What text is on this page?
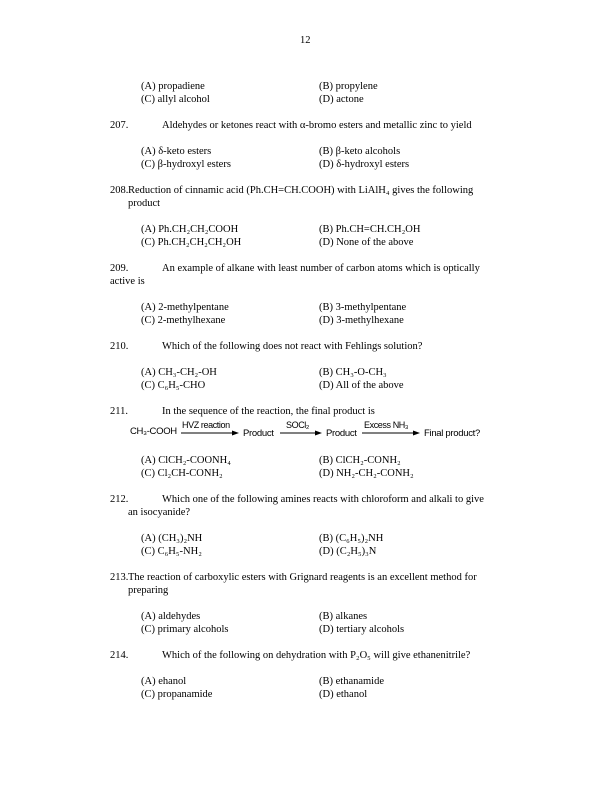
12
(A) propadiene	(B) propylene
(C) allyl alcohol	(D) actone
207.	Aldehydes or ketones react with α-bromo esters and metallic zinc to yield
(A) δ-keto esters	(B) β-keto alcohols
(C) β-hydroxyl esters	(D) δ-hydroxyl esters
208. Reduction of cinnamic acid (Ph.CH=CH.COOH) with LiAlH₄ gives the following
product
(A) Ph.CH₂CH₂COOH	(B) Ph.CH=CH.CH₂OH
(C) Ph.CH₂CH₂CH₂OH	(D) None of the above
209.	An example of alkane with least number of carbon atoms which is optically
active is
(A) 2-methylpentane	(B) 3-methylpentane
(C) 2-methylhexane	(D) 3-methylhexane
210.	Which of the following does not react with Fehlings solution?
(A) CH₃-CH₂-OH	(B) CH₃-O-CH₃
(C) C₆H₅-CHO	(D) All of the above
211.	In the sequence of the reaction, the final product is
CH₃-COOH
HVZ reaction
Product
SOCl₂
Product
Excess NH₃
Final product?
(A) ClCH₂-COONH₄	(B) ClCH₂-CONH₂
(C) Cl₂CH-CONH₂	(D) NH₂-CH₂-CONH₂
212.	Which one of the following amines reacts with chloroform and alkali to give
an isocyanide?
(A) (CH₃)₂NH	(B) (C₆H₅)₂NH
(C) C₆H₅-NH₂	(D) (C₂H₅)₃N
213. The reaction of carboxylic esters with Grignard reagents is an excellent method for
preparing
(A) aldehydes	(B) alkanes
(C) primary alcohols	(D) tertiary alcohols
214.	Which of the following on dehydration with P₂O₅ will give ethanenitrile?
(A) ehanol	(B) ethanamide
(C) propanamide	(D) ethanol
